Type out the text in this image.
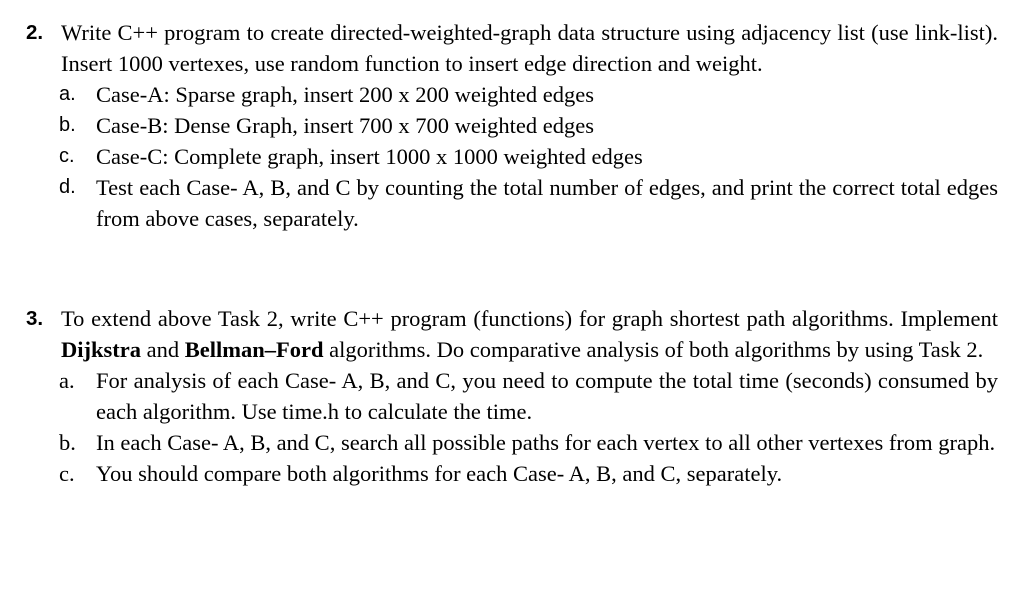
2. Write C++ program to create directed-weighted-graph data structure using adjacency list (use link-list). Insert 1000 vertexes, use random function to insert edge direction and weight.
a. Case-A: Sparse graph, insert 200 x 200 weighted edges
b. Case-B: Dense Graph, insert 700 x 700 weighted edges
c. Case-C: Complete graph, insert 1000 x 1000 weighted edges
d. Test each Case- A, B, and C by counting the total number of edges, and print the correct total edges from above cases, separately.
3. To extend above Task 2, write C++ program (functions) for graph shortest path algorithms. Implement Dijkstra and Bellman–Ford algorithms. Do comparative analysis of both algorithms by using Task 2.
a. For analysis of each Case- A, B, and C, you need to compute the total time (seconds) consumed by each algorithm. Use time.h to calculate the time.
b. In each Case- A, B, and C, search all possible paths for each vertex to all other vertexes from graph.
c. You should compare both algorithms for each Case- A, B, and C, separately.
